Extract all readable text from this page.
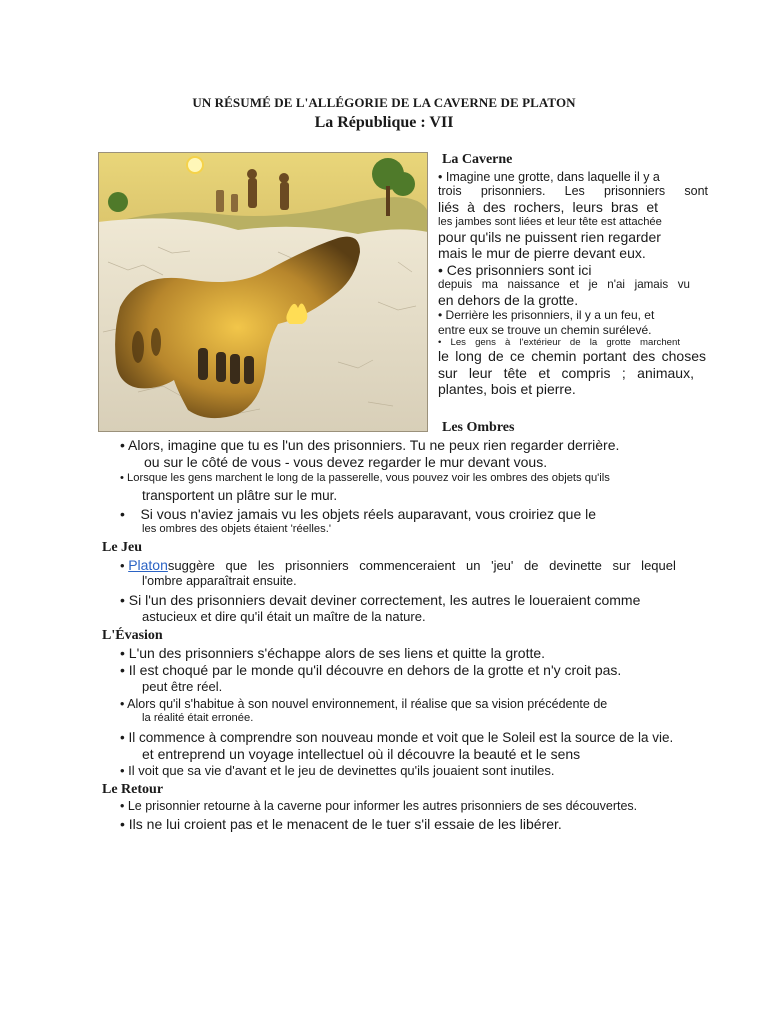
UN RÉSUMÉ DE L'ALLÉGORIE DE LA CAVERNE DE PLATON
La République : VII
La Caverne
• Imagine une grotte, dans laquelle il y a
trois prisonniers. Les prisonniers sont
liés à des rochers, leurs bras et
les jambes sont liées et leur tête est attachée
pour qu'ils ne puissent rien regarder
mais le mur de pierre devant eux.
• Ces prisonniers sont ici
depuis ma naissance et je n'ai jamais vu
en dehors de la grotte.
• Derrière les prisonniers, il y a un feu, et
entre eux se trouve un chemin surélevé.
• Les gens à l'extérieur de la grotte marchent
le long de ce chemin portant des choses
sur leur tête et compris ; animaux,
plantes, bois et pierre.
Les Ombres
• Alors, imagine que tu es l'un des prisonniers. Tu ne peux rien regarder derrière.
ou sur le côté de vous - vous devez regarder le mur devant vous.
• Lorsque les gens marchent le long de la passerelle, vous pouvez voir les ombres des objets qu'ils
transportent un plâtre sur le mur.
•    Si vous n'aviez jamais vu les objets réels auparavant, vous croiriez que le
les ombres des objets étaient 'réelles.'
Le Jeu
• Platonsuggère que les prisonniers commenceraient un 'jeu' de devinette sur lequel
l'ombre apparaîtrait ensuite.
• Si l'un des prisonniers devait deviner correctement, les autres le loueraient comme
astucieux et dire qu'il était un maître de la nature.
L'Évasion
• L'un des prisonniers s'échappe alors de ses liens et quitte la grotte.
• Il est choqué par le monde qu'il découvre en dehors de la grotte et n'y croit pas.
peut être réel.
• Alors qu'il s'habitue à son nouvel environnement, il réalise que sa vision précédente de
la réalité était erronée.
• Il commence à comprendre son nouveau monde et voit que le Soleil est la source de la vie.
et entreprend un voyage intellectuel où il découvre la beauté et le sens
• Il voit que sa vie d'avant et le jeu de devinettes qu'ils jouaient sont inutiles.
Le Retour
• Le prisonnier retourne à la caverne pour informer les autres prisonniers de ses découvertes.
• Ils ne lui croient pas et le menacent de le tuer s'il essaie de les libérer.
